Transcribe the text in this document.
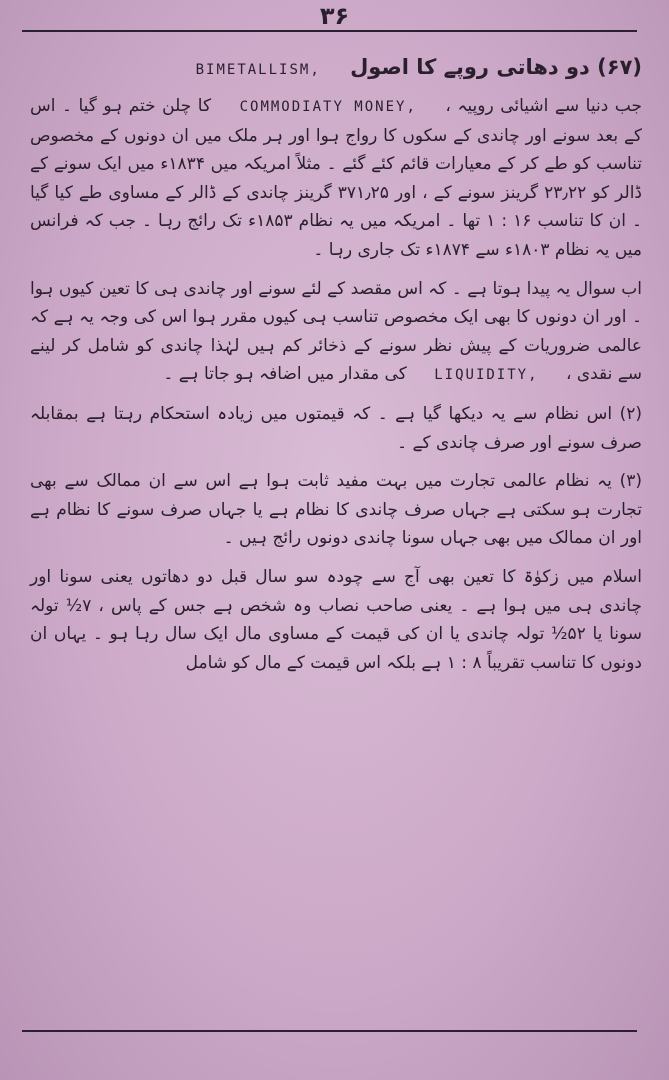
۳۶
(۶۷) دو دھاتی روپے کا اصول BIMETALLISM,

جب دنیا سے اشیائی روپیہ ، COMMODIATY MONEY, کا چلن ختم ہو گیا ۔ اس کے بعد سونے اور چاندی کے سکوں کا رواج ہوا اور ہر ملک میں ان دونوں کے مخصوص تناسب کو طے کر کے معیارات قائم کئے گئے ۔ مثلاً امریکہ میں ۱۸۳۴ء میں ایک سونے کے ڈالر کو ۲۳٫۲۲ گرینز سونے کے ، اور ۳۷۱٫۲۵ گرینز چاندی کے ڈالر کے مساوی طے کیا گیا ۔ ان کا تناسب ۱۶ : ۱ تھا ۔ امریکہ میں یہ نظام ۱۸۵۳ء تک رائج رہا ۔ جب کہ فرانس میں یہ نظام ۱۸۰۳ء سے ۱۸۷۴ء تک جاری رہا ۔

اب سوال یہ پیدا ہوتا ہے ۔ کہ اس مقصد کے لئے سونے اور چاندی ہی کا تعین کیوں ہوا ۔ اور ان دونوں کا بھی ایک مخصوص تناسب ہی کیوں مقرر ہوا اس کی وجہ یہ ہے کہ عالمی ضروریات کے پیش نظر سونے کے ذخائر کم ہیں لہٰذا چاندی کو شامل کر لینے سے نقدی ، LIQUIDITY, کی مقدار میں اضافہ ہو جاتا ہے ۔

(۲) اس نظام سے یہ دیکھا گیا ہے ۔ کہ قیمتوں میں زیادہ استحکام رہتا ہے بمقابلہ صرف سونے اور صرف چاندی کے ۔

(۳) یہ نظام عالمی تجارت میں بہت مفید ثابت ہوا ہے اس سے ان ممالک سے بھی تجارت ہو سکتی ہے جہاں صرف چاندی کا نظام ہے یا جہاں صرف سونے کا نظام ہے اور ان ممالک میں بھی جہاں سونا چاندی دونوں رائج ہیں ۔

اسلام میں زکوٰۃ کا تعین بھی آج سے چودہ سو سال قبل دو دھاتوں یعنی سونا اور چاندی ہی میں ہوا ہے ۔ یعنی صاحب نصاب وہ شخص ہے جس کے پاس ، ۷½ تولہ سونا یا ۵۲½ تولہ چاندی یا ان کی قیمت کے مساوی مال ایک سال رہا ہو ۔ یہاں ان دونوں کا تناسب تقریباً ۸ : ۱ ہے بلکہ اس قیمت کے مال کو شامل
